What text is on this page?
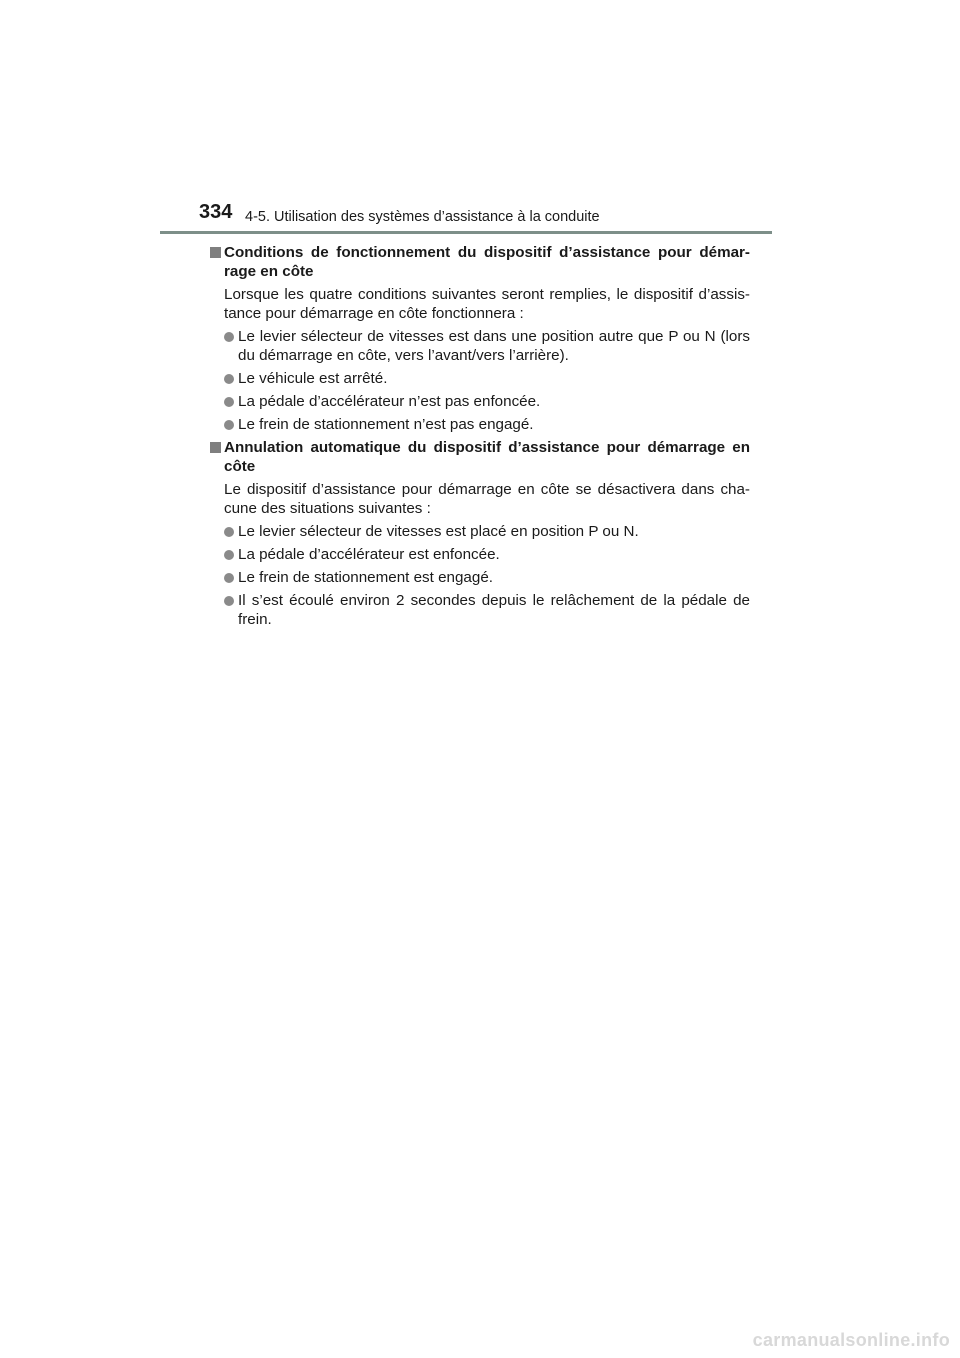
334 4-5. Utilisation des systèmes d’assistance à la conduite
Conditions de fonctionnement du dispositif d’assistance pour démar- rage en côte
Lorsque les quatre conditions suivantes seront remplies, le dispositif d’assis- tance pour démarrage en côte fonctionnera :
Le levier sélecteur de vitesses est dans une position autre que P ou N (lors du démarrage en côte, vers l’avant/vers l’arrière).
Le véhicule est arrêté.
La pédale d’accélérateur n’est pas enfoncée.
Le frein de stationnement n’est pas engagé.
Annulation automatique du dispositif d’assistance pour démarrage en côte
Le dispositif d’assistance pour démarrage en côte se désactivera dans cha- cune des situations suivantes :
Le levier sélecteur de vitesses est placé en position P ou N.
La pédale d’accélérateur est enfoncée.
Le frein de stationnement est engagé.
Il s’est écoulé environ 2 secondes depuis le relâchement de la pédale de frein.
carmanualsonline.info
